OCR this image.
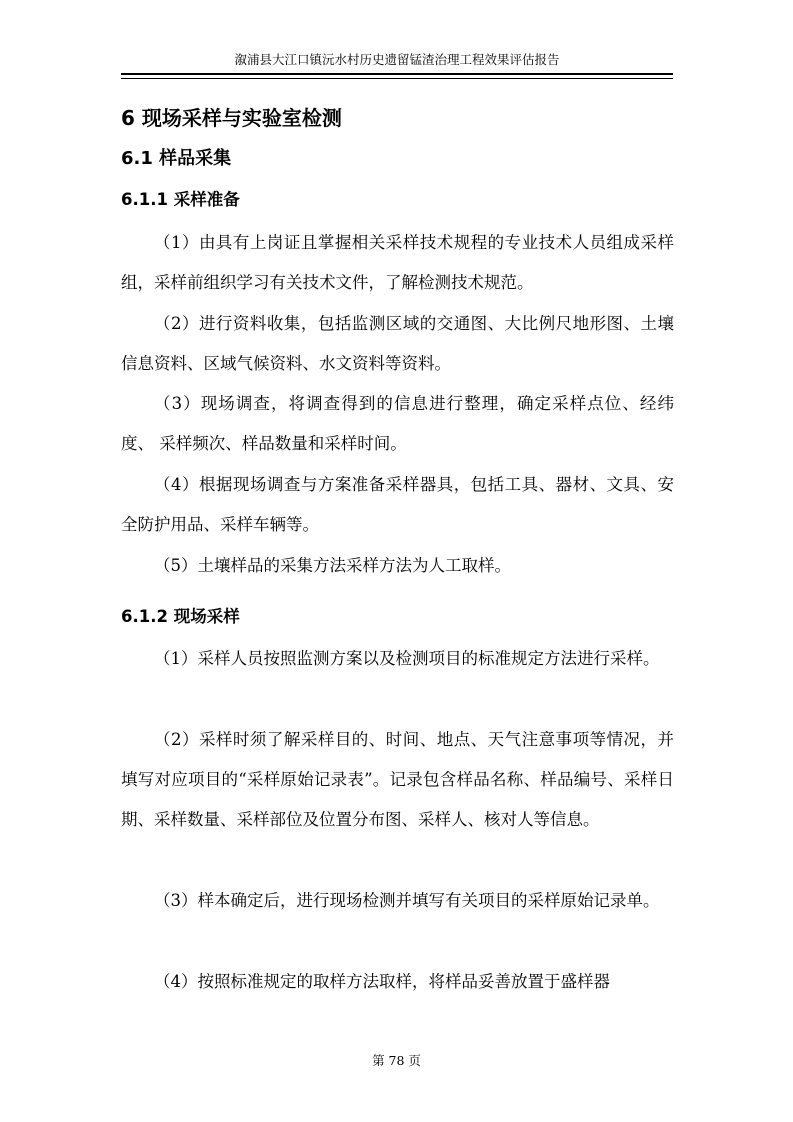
溆浦县大江口镇沅水村历史遗留锰渣治理工程效果评估报告
6 现场采样与实验室检测
6.1 样品采集
6.1.1 采样准备
（1）由具有上岗证且掌握相关采样技术规程的专业技术人员组成采样组，采样前组织学习有关技术文件，了解检测技术规范。
（2）进行资料收集，包括监测区域的交通图、大比例尺地形图、土壤 信息资料、区域气候资料、水文资料等资料。
（3）现场调查，将调查得到的信息进行整理，确定采样点位、经纬度、 采样频次、样品数量和采样时间。
（4）根据现场调查与方案准备采样器具，包括工具、器材、文具、安全防护用品、采样车辆等。
（5）土壤样品的采集方法采样方法为人工取样。
6.1.2 现场采样
（1）采样人员按照监测方案以及检测项目的标准规定方法进行采样。
（2）采样时须了解采样目的、时间、地点、天气注意事项等情况，并 填写对应项目的“采样原始记录表”。记录包含样品名称、样品编号、采样日期、采样数量、采样部位及位置分布图、采样人、核对人等信息。
（3）样本确定后，进行现场检测并填写有关项目的采样原始记录单。
（4）按照标准规定的取样方法取样，将样品妥善放置于盛样器
第 78 页
